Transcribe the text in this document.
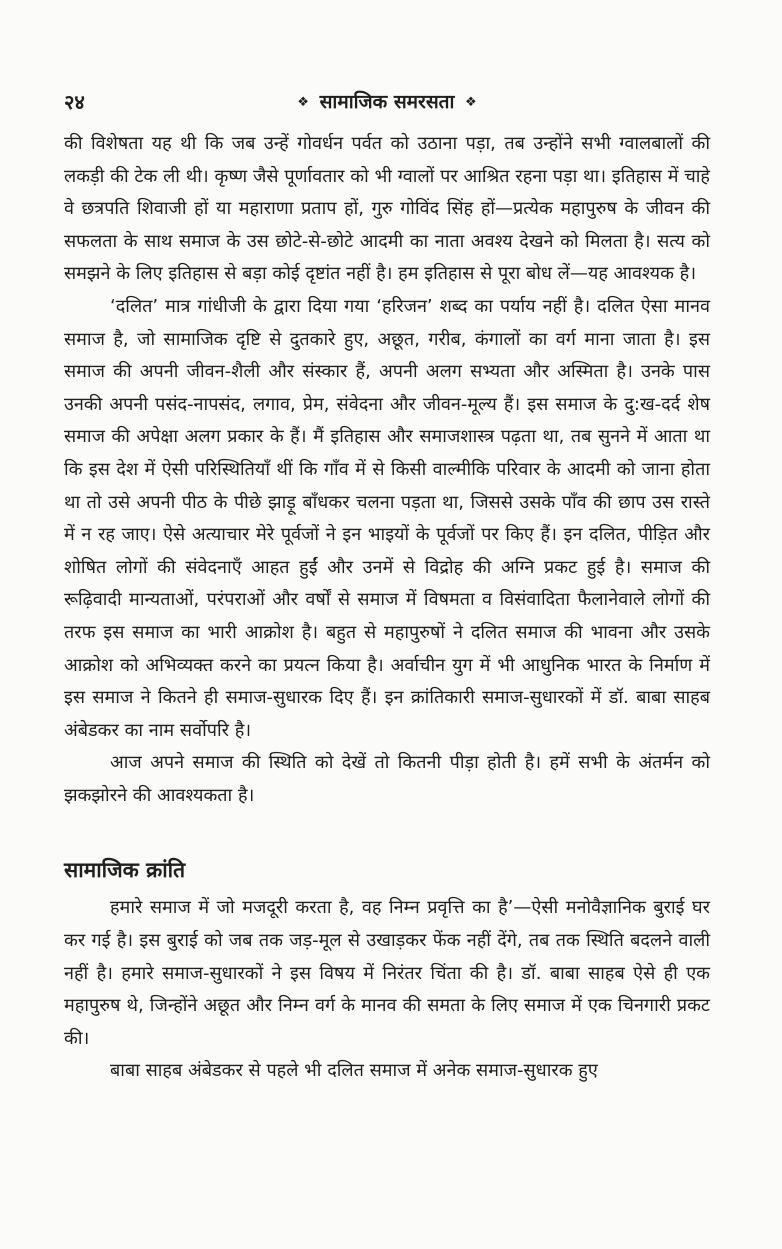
२४	❖ सामाजिक समरसता ❖

की विशेषता यह थी कि जब उन्हें गोवर्धन पर्वत को उठाना पड़ा, तब उन्होंने सभी ग्वालबालों की लकड़ी की टेक ली थी। कृष्ण जैसे पूर्णावतार को भी ग्वालों पर आश्रित रहना पड़ा था। इतिहास में चाहे वे छत्रपति शिवाजी हों या महाराणा प्रताप हों, गुरु गोविंद सिंह हों—प्रत्येक महापुरुष के जीवन की सफलता के साथ समाज के उस छोटे-से-छोटे आदमी का नाता अवश्य देखने को मिलता है। सत्य को समझने के लिए इतिहास से बड़ा कोई दृष्टांत नहीं है। हम इतिहास से पूरा बोध लें—यह आवश्यक है।

‘दलित’ मात्र गांधीजी के द्वारा दिया गया ‘हरिजन’ शब्द का पर्याय नहीं है। दलित ऐसा मानव समाज है, जो सामाजिक दृष्टि से दुतकारे हुए, अछूत, गरीब, कंगालों का वर्ग माना जाता है। इस समाज की अपनी जीवन-शैली और संस्कार हैं, अपनी अलग सभ्यता और अस्मिता है। उनके पास उनकी अपनी पसंद-नापसंद, लगाव, प्रेम, संवेदना और जीवन-मूल्य हैं। इस समाज के दु:ख-दर्द शेष समाज की अपेक्षा अलग प्रकार के हैं। मैं इतिहास और समाजशास्त्र पढ़ता था, तब सुनने में आता था कि इस देश में ऐसी परिस्थितियाँ थीं कि गाँव में से किसी वाल्मीकि परिवार के आदमी को जाना होता था तो उसे अपनी पीठ के पीछे झाड़ू बाँधकर चलना पड़ता था, जिससे उसके पाँव की छाप उस रास्ते में न रह जाए। ऐसे अत्याचार मेरे पूर्वजों ने इन भाइयों के पूर्वजों पर किए हैं। इन दलित, पीड़ित और शोषित लोगों की संवेदनाएँ आहत हुईं और उनमें से विद्रोह की अग्नि प्रकट हुई है। समाज की रूढ़िवादी मान्यताओं, परंपराओं और वर्षों से समाज में विषमता व विसंवादिता फैलानेवाले लोगों की तरफ इस समाज का भारी आक्रोश है। बहुत से महापुरुषों ने दलित समाज की भावना और उसके आक्रोश को अभिव्यक्त करने का प्रयत्न किया है। अर्वाचीन युग में भी आधुनिक भारत के निर्माण में इस समाज ने कितने ही समाज-सुधारक दिए हैं। इन क्रांतिकारी समाज-सुधारकों में डॉ. बाबा साहब अंबेडकर का नाम सर्वोपरि है।

आज अपने समाज की स्थिति को देखें तो कितनी पीड़ा होती है। हमें सभी के अंतर्मन को झकझोरने की आवश्यकता है।

सामाजिक क्रांति

हमारे समाज में जो मजदूरी करता है, वह निम्न प्रवृत्ति का है’—ऐसी मनोवैज्ञानिक बुराई घर कर गई है। इस बुराई को जब तक जड़-मूल से उखाड़कर फेंक नहीं देंगे, तब तक स्थिति बदलने वाली नहीं है। हमारे समाज-सुधारकों ने इस विषय में निरंतर चिंता की है। डॉ. बाबा साहब ऐसे ही एक महापुरुष थे, जिन्होंने अछूत और निम्न वर्ग के मानव की समता के लिए समाज में एक चिनगारी प्रकट की।

बाबा साहब अंबेडकर से पहले भी दलित समाज में अनेक समाज-सुधारक हुए
